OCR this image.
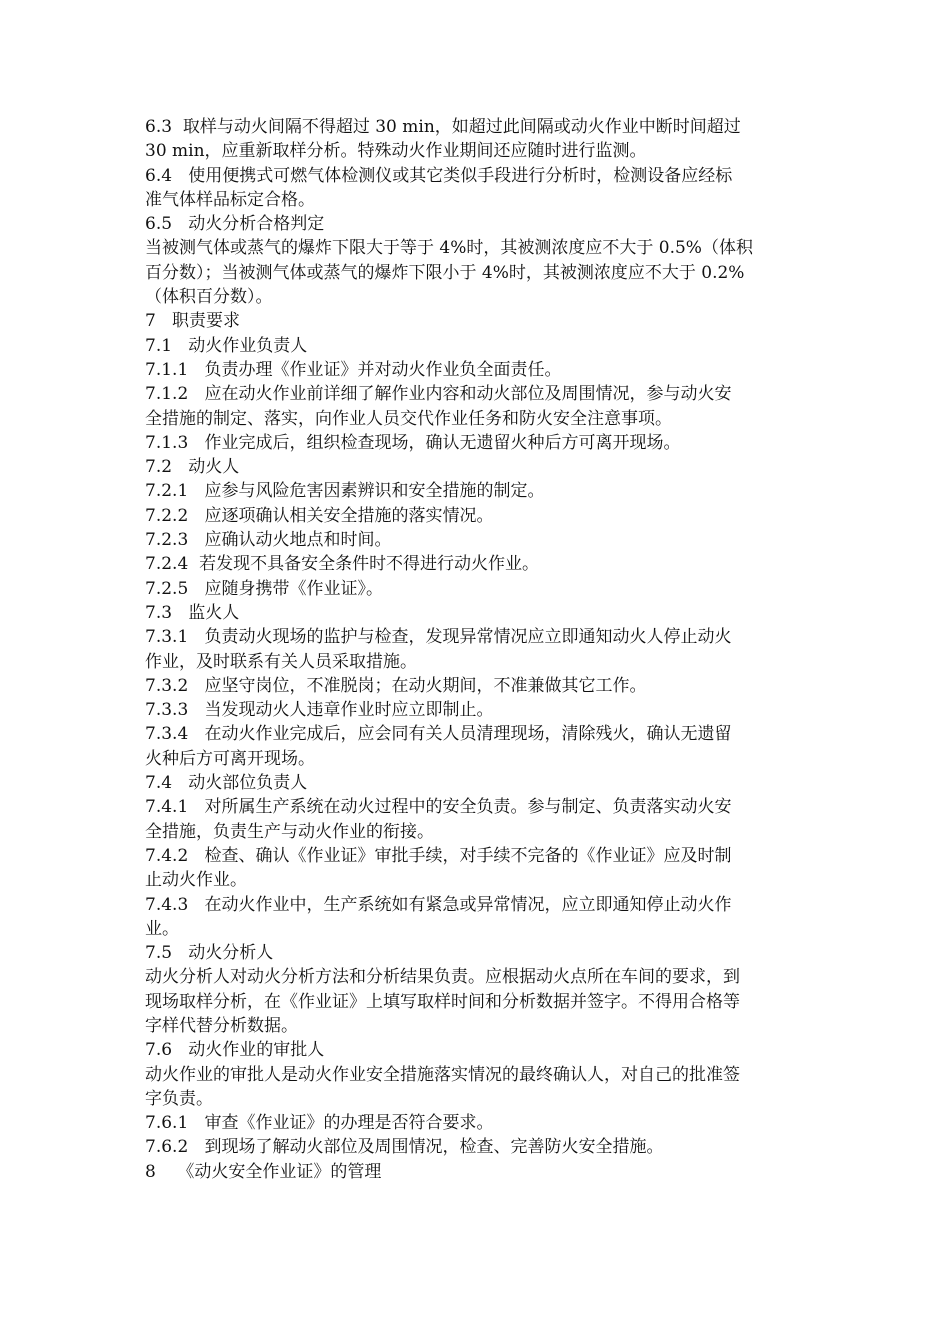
6.3  取样与动火间隔不得超过 30 min，如超过此间隔或动火作业中断时间超过
30 min，应重新取样分析。特殊动火作业期间还应随时进行监测。
6.4   使用便携式可燃气体检测仪或其它类似手段进行分析时，检测设备应经标
准气体样品标定合格。
6.5   动火分析合格判定
当被测气体或蒸气的爆炸下限大于等于 4%时，其被测浓度应不大于 0.5%（体积
百分数）；当被测气体或蒸气的爆炸下限小于 4%时，其被测浓度应不大于 0.2%
（体积百分数）。
7   职责要求
7.1   动火作业负责人
7.1.1   负责办理《作业证》并对动火作业负全面责任。
7.1.2   应在动火作业前详细了解作业内容和动火部位及周围情况，参与动火安
全措施的制定、落实，向作业人员交代作业任务和防火安全注意事项。
7.1.3   作业完成后，组织检查现场，确认无遗留火种后方可离开现场。
7.2   动火人
7.2.1   应参与风险危害因素辨识和安全措施的制定。
7.2.2   应逐项确认相关安全措施的落实情况。
7.2.3   应确认动火地点和时间。
7.2.4  若发现不具备安全条件时不得进行动火作业。
7.2.5   应随身携带《作业证》。
7.3   监火人
7.3.1   负责动火现场的监护与检查，发现异常情况应立即通知动火人停止动火
作业，及时联系有关人员采取措施。
7.3.2   应坚守岗位，不准脱岗；在动火期间，不准兼做其它工作。
7.3.3   当发现动火人违章作业时应立即制止。
7.3.4   在动火作业完成后，应会同有关人员清理现场，清除残火，确认无遗留
火种后方可离开现场。
7.4   动火部位负责人
7.4.1   对所属生产系统在动火过程中的安全负责。参与制定、负责落实动火安
全措施，负责生产与动火作业的衔接。
7.4.2   检查、确认《作业证》审批手续，对手续不完备的《作业证》应及时制
止动火作业。
7.4.3   在动火作业中，生产系统如有紧急或异常情况，应立即通知停止动火作
业。
7.5   动火分析人
动火分析人对动火分析方法和分析结果负责。应根据动火点所在车间的要求，到
现场取样分析，在《作业证》上填写取样时间和分析数据并签字。不得用合格等
字样代替分析数据。
7.6   动火作业的审批人
动火作业的审批人是动火作业安全措施落实情况的最终确认人，对自己的批准签
字负责。
7.6.1   审查《作业证》的办理是否符合要求。
7.6.2   到现场了解动火部位及周围情况，检查、完善防火安全措施。
8    《动火安全作业证》的管理
